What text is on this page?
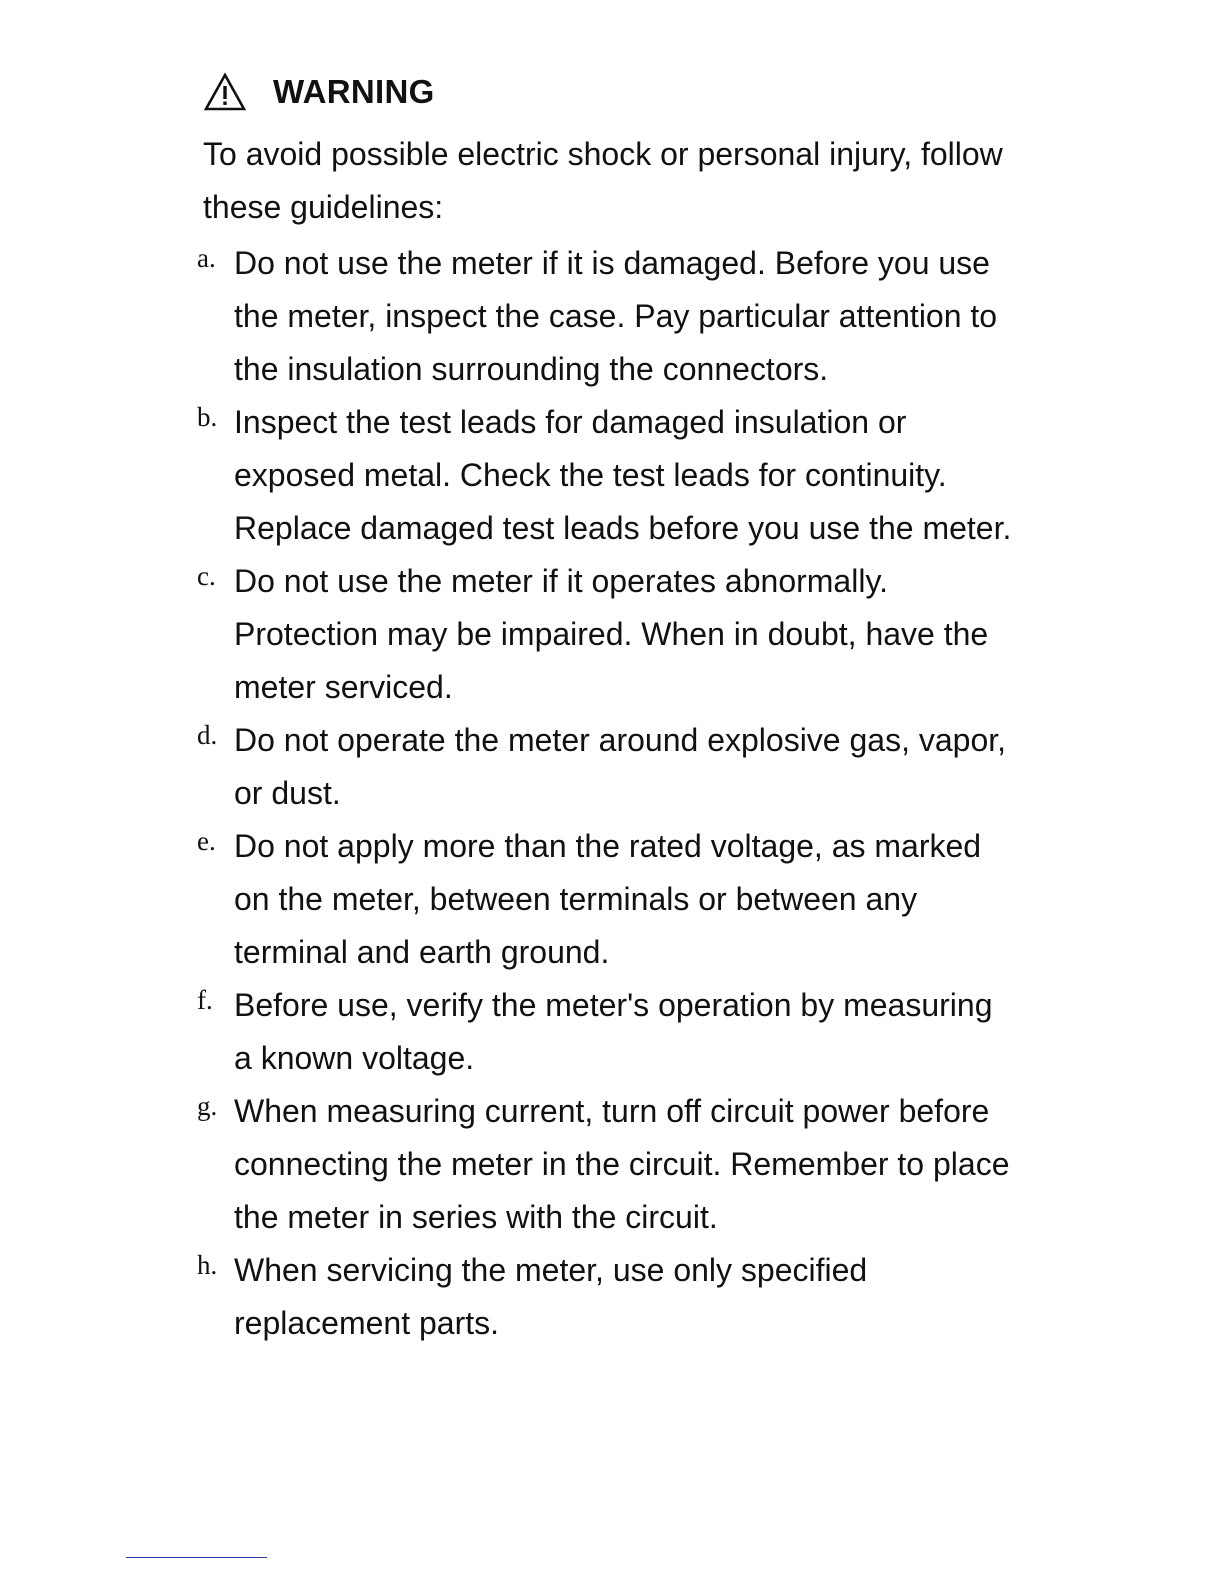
WARNING
To avoid possible electric shock or personal injury, follow these guidelines:
a. Do not use the meter if it is damaged. Before you use the meter, inspect the case. Pay particular attention to the insulation surrounding the connectors.
b. Inspect the test leads for damaged insulation or exposed metal. Check the test leads for continuity. Replace damaged test leads before you use the meter.
c. Do not use the meter if it operates abnormally. Protection may be impaired. When in doubt, have the meter serviced.
d. Do not operate the meter around explosive gas, vapor, or dust.
e. Do not apply more than the rated voltage, as marked on the meter, between terminals or between any terminal and earth ground.
f. Before use, verify the meter's operation by measuring a known voltage.
g. When measuring current, turn off circuit power before connecting the meter in the circuit. Remember to place the meter in series with the circuit.
h. When servicing the meter, use only specified replacement parts.
